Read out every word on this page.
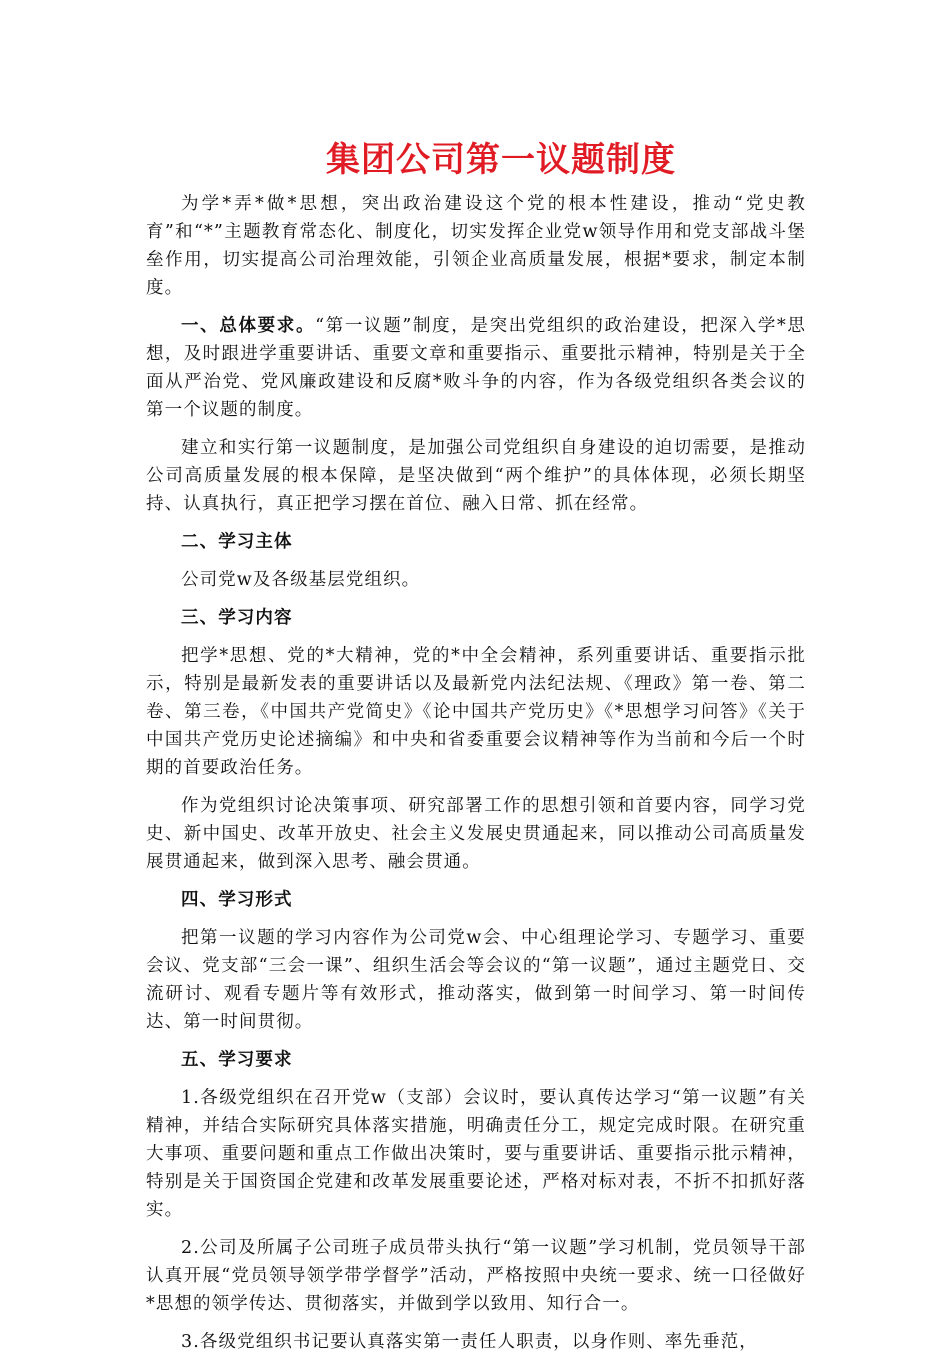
集团公司第一议题制度

为学*弄*做*思想，突出政治建设这个党的根本性建设，推动“党史教育”和“*”主题教育常态化、制度化，切实发挥企业党w领导作用和党支部战斗堡垒作用，切实提高公司治理效能，引领企业高质量发展，根据*要求，制定本制度。

一、总体要求。“第一议题”制度，是突出党组织的政治建设，把深入学*思想，及时跟进学重要讲话、重要文章和重要指示、重要批示精神，特别是关于全面从严治党、党风廉政建设和反腐*败斗争的内容，作为各级党组织各类会议的第一个议题的制度。

建立和实行第一议题制度，是加强公司党组织自身建设的迫切需要，是推动公司高质量发展的根本保障，是坚决做到“两个维护”的具体体现，必须长期坚持、认真执行，真正把学习摆在首位、融入日常、抓在经常。

二、学习主体

公司党w及各级基层党组织。

三、学习内容

把学*思想、党的*大精神，党的*中全会精神，系列重要讲话、重要指示批示，特别是最新发表的重要讲话以及最新党内法纪法规、《理政》第一卷、第二卷、第三卷，《中国共产党简史》《论中国共产党历史》《*思想学习问答》《关于中国共产党历史论述摘编》和中央和省委重要会议精神等作为当前和今后一个时期的首要政治任务。

作为党组织讨论决策事项、研究部署工作的思想引领和首要内容，同学习党史、新中国史、改革开放史、社会主义发展史贯通起来，同以推动公司高质量发展贯通起来，做到深入思考、融会贯通。

四、学习形式

把第一议题的学习内容作为公司党w会、中心组理论学习、专题学习、重要会议、党支部“三会一课”、组织生活会等会议的“第一议题”，通过主题党日、交流研讨、观看专题片等有效形式，推动落实，做到第一时间学习、第一时间传达、第一时间贯彻。

五、学习要求

1.各级党组织在召开党w（支部）会议时，要认真传达学习“第一议题”有关精神，并结合实际研究具体落实措施，明确责任分工，规定完成时限。在研究重大事项、重要问题和重点工作做出决策时，要与重要讲话、重要指示批示精神，特别是关于国资国企党建和改革发展重要论述，严格对标对表，不折不扣抓好落实。

2.公司及所属子公司班子成员带头执行“第一议题”学习机制，党员领导干部认真开展“党员领导领学带学督学”活动，严格按照中央统一要求、统一口径做好*思想的领学传达、贯彻落实，并做到学以致用、知行合一。

3.各级党组织书记要认真落实第一责任人职责，以身作则、率先垂范，
